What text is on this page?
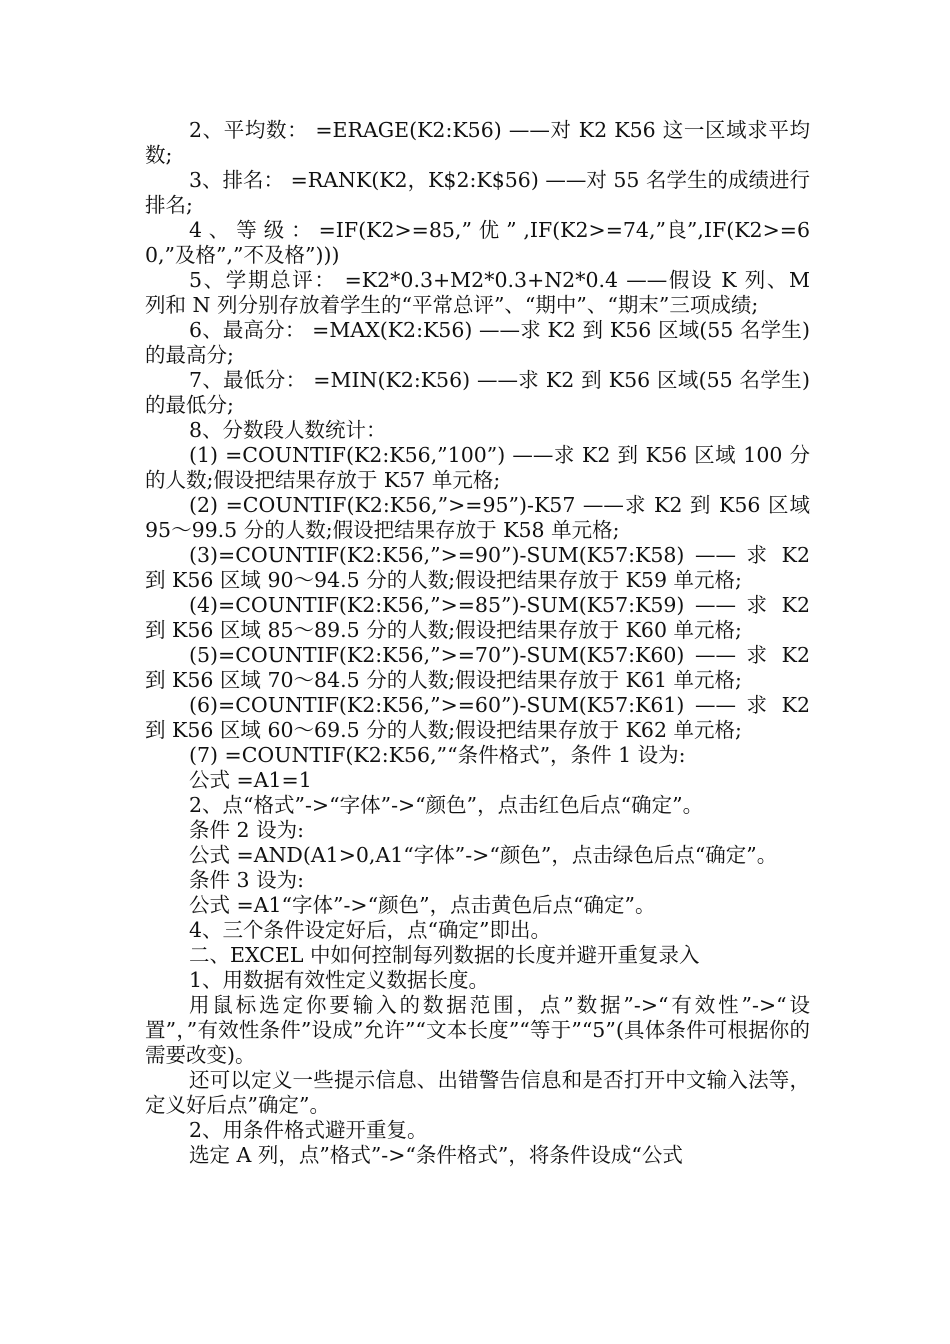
2、平均数： =ERAGE(K2:K56) ——对 K2 K56 这一区域求平均数;

3、排名： =RANK(K2，K$2:K$56) ——对 55 名学生的成绩进行排名;

4 、 等 级 ： =IF(K2>=85,” 优 ” ,IF(K2>=74,”良”,IF(K2>=60,”及格”,”不及格”)))

5、学期总评： =K2*0.3+M2*0.3+N2*0.4 ——假设 K 列、M 列和 N 列分别存放着学生的“平常总评”、“期中”、“期末”三项成绩;

6、最高分： =MAX(K2:K56) ——求 K2 到 K56 区域(55 名学生)的最高分;

7、最低分： =MIN(K2:K56) ——求 K2 到 K56 区域(55 名学生)的最低分;

8、分数段人数统计：

(1) =COUNTIF(K2:K56,”100”) ——求 K2 到 K56 区域 100 分的人数;假设把结果存放于 K57 单元格;

(2) =COUNTIF(K2:K56,”>=95”)-K57 ——求 K2 到 K56 区域 95～99.5 分的人数;假设把结果存放于 K58 单元格;

(3)=COUNTIF(K2:K56,”>=90”)-SUM(K57:K58) —— 求 K2 到 K56 区域 90～94.5 分的人数;假设把结果存放于 K59 单元格;

(4)=COUNTIF(K2:K56,”>=85”)-SUM(K57:K59) —— 求 K2 到 K56 区域 85～89.5 分的人数;假设把结果存放于 K60 单元格;

(5)=COUNTIF(K2:K56,”>=70”)-SUM(K57:K60) —— 求 K2 到 K56 区域 70～84.5 分的人数;假设把结果存放于 K61 单元格;

(6)=COUNTIF(K2:K56,”>=60”)-SUM(K57:K61) —— 求 K2 到 K56 区域 60～69.5 分的人数;假设把结果存放于 K62 单元格;

(7) =COUNTIF(K2:K56,”“条件格式”，条件 1 设为:

公式 =A1=1

2、点“格式”->“字体”->“颜色”，点击红色后点“确定”。

条件 2 设为:

公式 =AND(A1>0,A1“字体”->“颜色”，点击绿色后点“确定”。

条件 3 设为:

公式 =A1“字体”->“颜色”，点击黄色后点“确定”。

4、三个条件设定好后，点“确定”即出。

二、EXCEL 中如何控制每列数据的长度并避开重复录入

1、用数据有效性定义数据长度。

用鼠标选定你要输入的数据范围，点”数据”->“有效性”->“设置”，”有效性条件”设成”允许”“文本长度”“等于”“5”(具体条件可根据你的需要改变)。

还可以定义一些提示信息、出错警告信息和是否打开中文输入法等，定义好后点”确定”。

2、用条件格式避开重复。

选定 A 列，点”格式”->“条件格式”，将条件设成“公式
